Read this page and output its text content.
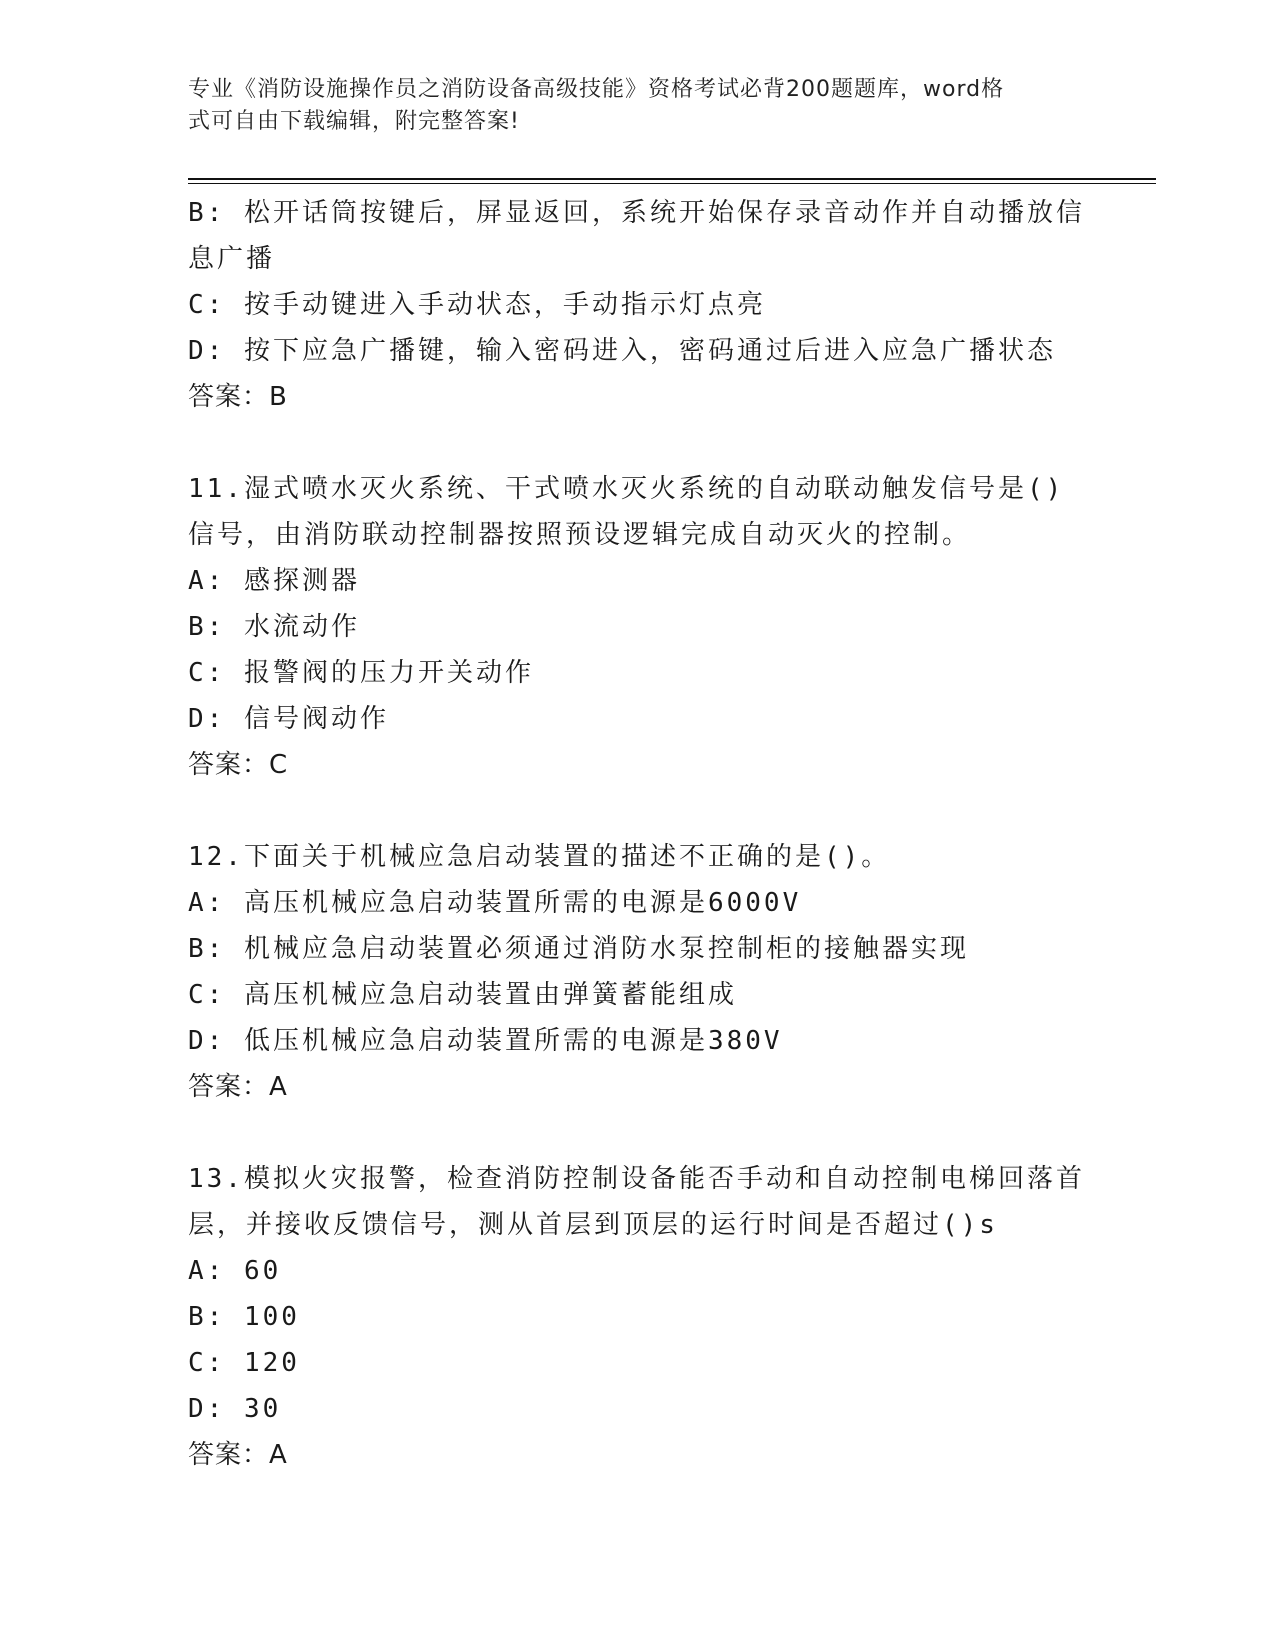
专业《消防设施操作员之消防设备高级技能》资格考试必背200题题库，word格
式可自由下载编辑，附完整答案!
B: 松开话筒按键后，屏显返回，系统开始保存录音动作并自动播放信
息广播
C: 按手动键进入手动状态，手动指示灯点亮
D: 按下应急广播键，输入密码进入，密码通过后进入应急广播状态
答案：B
11.湿式喷水灭火系统、干式喷水灭火系统的自动联动触发信号是()
信号，由消防联动控制器按照预设逻辑完成自动灭火的控制。
A: 感探测器
B: 水流动作
C: 报警阀的压力开关动作
D: 信号阀动作
答案：C
12.下面关于机械应急启动装置的描述不正确的是()。
A: 高压机械应急启动装置所需的电源是6000V
B: 机械应急启动装置必须通过消防水泵控制柜的接触器实现
C: 高压机械应急启动装置由弹簧蓄能组成
D: 低压机械应急启动装置所需的电源是380V
答案：A
13.模拟火灾报警，检查消防控制设备能否手动和自动控制电梯回落首
层，并接收反馈信号，测从首层到顶层的运行时间是否超过()s
A: 60
B: 100
C: 120
D: 30
答案：A
